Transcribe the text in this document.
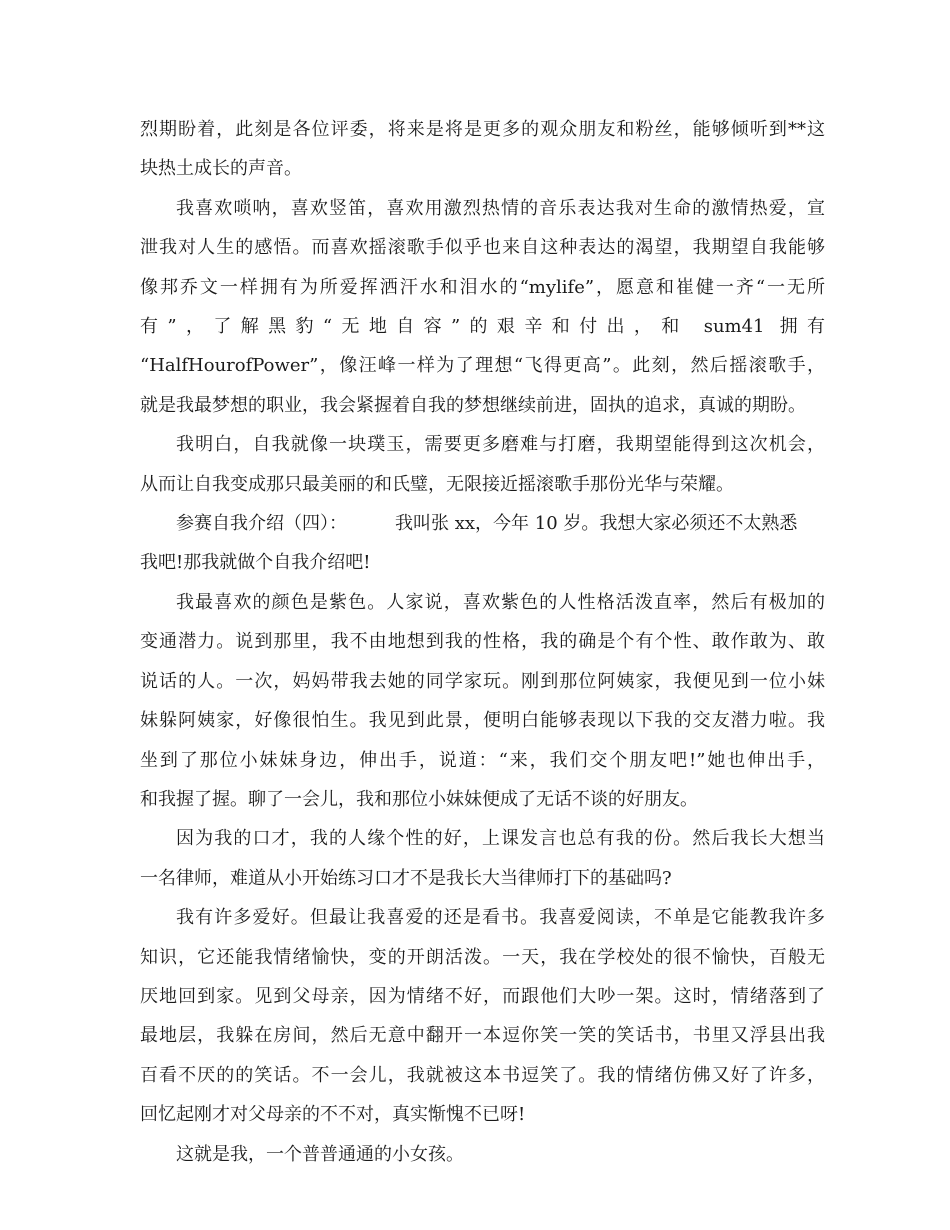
烈期盼着，此刻是各位评委，将来是将是更多的观众朋友和粉丝，能够倾听到**这
块热土成长的声音。
我喜欢唢呐，喜欢竖笛，喜欢用激烈热情的音乐表达我对生命的激情热爱，宣
泄我对人生的感悟。而喜欢摇滚歌手似乎也来自这种表达的渴望，我期望自我能够
像邦乔文一样拥有为所爱挥洒汗水和泪水的“mylife”，愿意和崔健一齐“一无所
有”，了解黑豹“无地自容”的艰辛和付出，和 sum41 拥有
“HalfHourofPower”，像汪峰一样为了理想“飞得更高”。此刻，然后摇滚歌手，
就是我最梦想的职业，我会紧握着自我的梦想继续前进，固执的追求，真诚的期盼。
我明白，自我就像一块璞玉，需要更多磨难与打磨，我期望能得到这次机会，
从而让自我变成那只最美丽的和氏璧，无限接近摇滚歌手那份光华与荣耀。
参赛自我介绍（四）：	我叫张 xx，今年 10 岁。我想大家必须还不太熟悉
我吧!那我就做个自我介绍吧!
我最喜欢的颜色是紫色。人家说，喜欢紫色的人性格活泼直率，然后有极加的
变通潜力。说到那里，我不由地想到我的性格，我的确是个有个性、敢作敢为、敢
说话的人。一次，妈妈带我去她的同学家玩。刚到那位阿姨家，我便见到一位小妹
妹躲阿姨家，好像很怕生。我见到此景，便明白能够表现以下我的交友潜力啦。我
坐到了那位小妹妹身边，伸出手，说道：“来，我们交个朋友吧!”她也伸出手，
和我握了握。聊了一会儿，我和那位小妹妹便成了无话不谈的好朋友。
因为我的口才，我的人缘个性的好，上课发言也总有我的份。然后我长大想当
一名律师，难道从小开始练习口才不是我长大当律师打下的基础吗?
我有许多爱好。但最让我喜爱的还是看书。我喜爱阅读，不单是它能教我许多
知识，它还能我情绪愉快，变的开朗活泼。一天，我在学校处的很不愉快，百般无
厌地回到家。见到父母亲，因为情绪不好，而跟他们大吵一架。这时，情绪落到了
最地层，我躲在房间，然后无意中翻开一本逗你笑一笑的笑话书，书里又浮县出我
百看不厌的的笑话。不一会儿，我就被这本书逗笑了。我的情绪仿佛又好了许多，
回忆起刚才对父母亲的不不对，真实惭愧不已呀!
这就是我，一个普普通通的小女孩。
